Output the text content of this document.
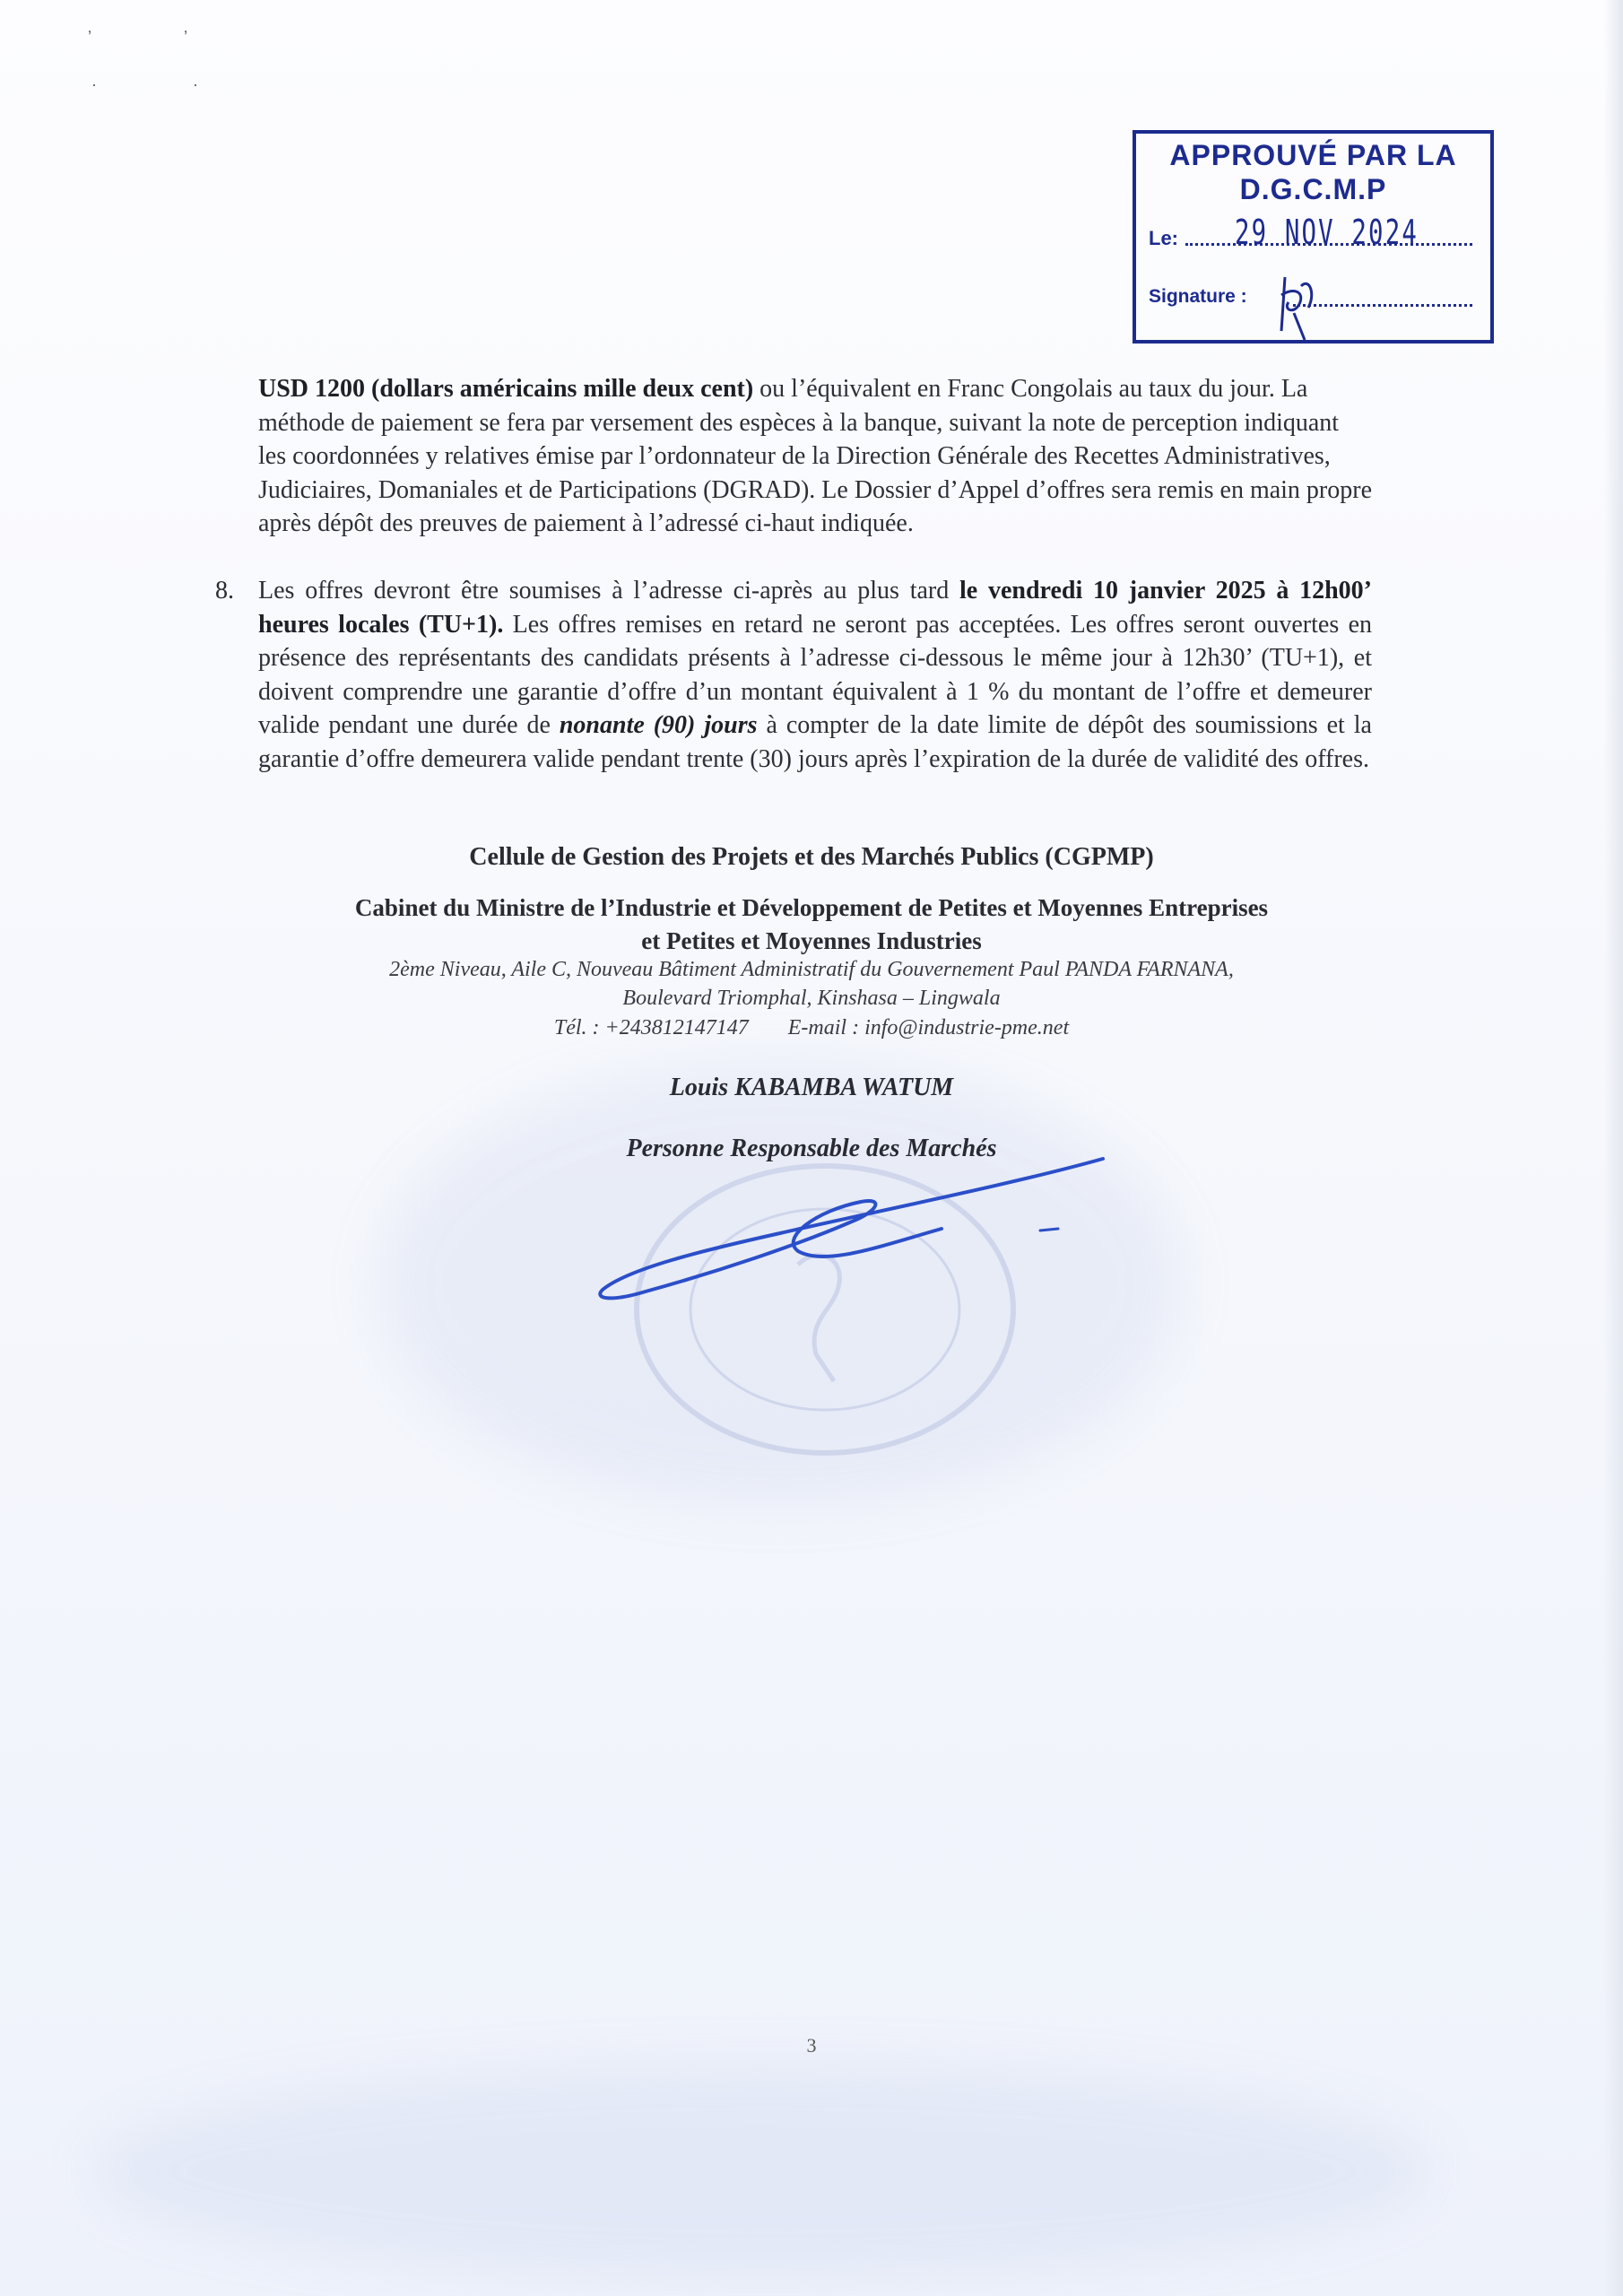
‚	‚
·	·
APPROUVÉ PAR LA
D.G.C.M.P
Le: 29 NOV 2024
Signature :
USD 1200 (dollars américains mille deux cent) ou l’équivalent en Franc Congolais au taux du jour. La méthode de paiement se fera par versement des espèces à la banque, suivant la note de perception indiquant les coordonnées y relatives émise par l’ordonnateur de la Direction Générale des Recettes Administratives, Judiciaires, Domaniales et de Participations (DGRAD). Le Dossier d’Appel d’offres sera remis en main propre après dépôt des preuves de paiement à l’adressé ci-haut indiquée.
8. Les offres devront être soumises à l’adresse ci-après au plus tard le vendredi 10 janvier 2025 à 12h00’ heures locales (TU+1). Les offres remises en retard ne seront pas acceptées. Les offres seront ouvertes en présence des représentants des candidats présents à l’adresse ci-dessous le même jour à 12h30’ (TU+1), et doivent comprendre une garantie d’offre d’un montant équivalent à 1 % du montant de l’offre et demeurer valide pendant une durée de nonante (90) jours à compter de la date limite de dépôt des soumissions et la garantie d’offre demeurera valide pendant trente (30) jours après l’expiration de la durée de validité des offres.
Cellule de Gestion des Projets et des Marchés Publics (CGPMP)
Cabinet du Ministre de l’Industrie et Développement de Petites et Moyennes Entreprises
et Petites et Moyennes Industries
2ème Niveau, Aile C, Nouveau Bâtiment Administratif du Gouvernement Paul PANDA FARNANA,
Boulevard Triomphal, Kinshasa – Lingwala
Tél. : +243812147147 E-mail : info@industrie-pme.net
Louis KABAMBA WATUM
Personne Responsable des Marchés
3
